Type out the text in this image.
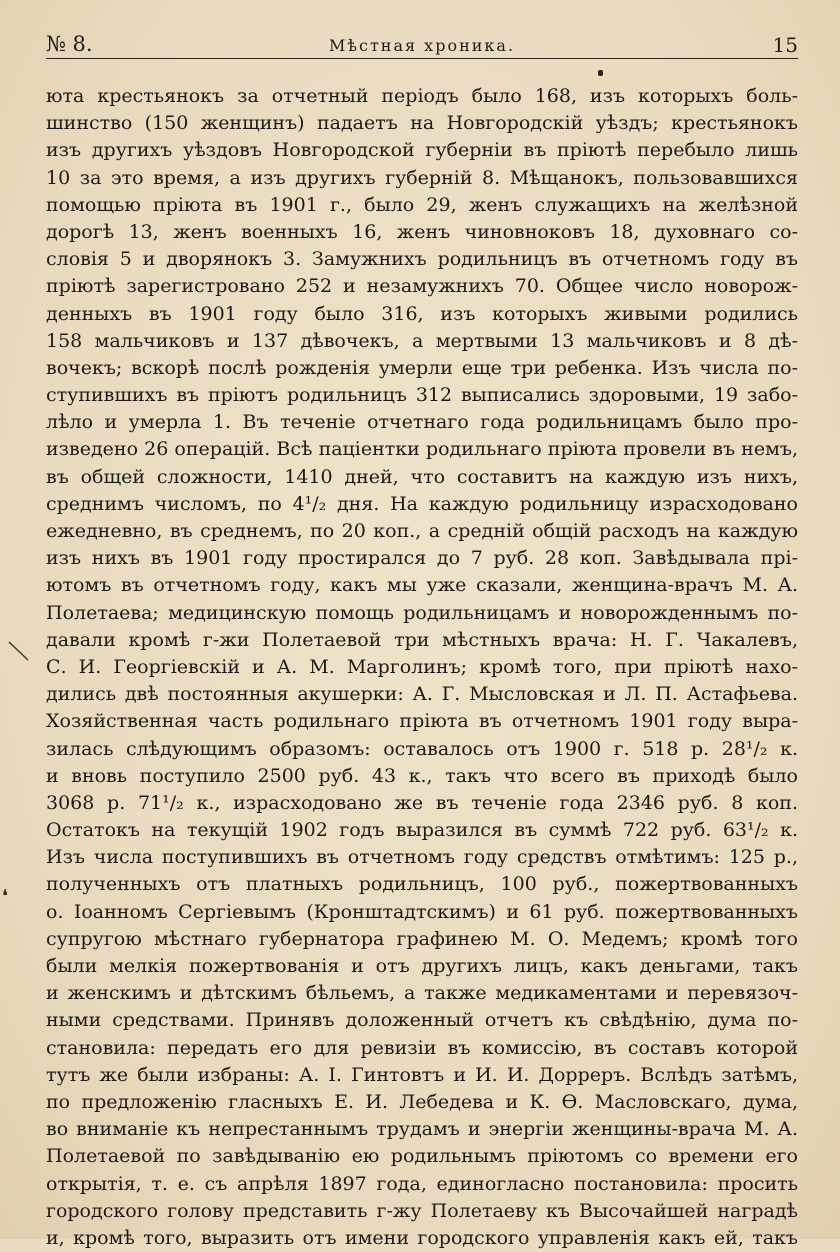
№ 8.	Мѣстная хроника.	15
❛
юта крестьянокъ за отчетный періодъ было 168, изъ которыхъ боль-
шинство (150 женщинъ) падаетъ на Новгородскій уѣздъ; крестьянокъ
изъ другихъ уѣздовъ Новгородской губерніи въ пріютѣ перебыло лишь
10 за это время, а изъ другихъ губерній 8. Мѣщанокъ, пользовавшихся
помощью пріюта въ 1901 г., было 29, женъ служащихъ на желѣзной
дорогѣ 13, женъ военныхъ 16, женъ чиновноковъ 18, духовнаго со-
словія 5 и дворянокъ 3. Замужнихъ родильницъ въ отчетномъ году въ
пріютѣ зарегистровано 252 и незамужнихъ 70. Общее число новорож-
денныхъ въ 1901 году было 316, изъ которыхъ живыми родились
158 мальчиковъ и 137 дѣвочекъ, а мертвыми 13 мальчиковъ и 8 дѣ-
вочекъ; вскорѣ послѣ рожденія умерли еще три ребенка. Изъ числа по-
ступившихъ въ пріютъ родильницъ 312 выписались здоровыми, 19 забо-
лѣло и умерла 1. Въ теченіе отчетнаго года родильницамъ было про-
изведено 26 операцій. Всѣ паціентки родильнаго пріюта провели въ немъ,
въ общей сложности, 1410 дней, что составитъ на каждую изъ нихъ,
среднимъ числомъ, по 4¹/₂ дня. На каждую родильницу израсходовано
ежедневно, въ среднемъ, по 20 коп., а средній общій расходъ на каждую
изъ нихъ въ 1901 году простирался до 7 руб. 28 коп. Завѣдывала прі-
ютомъ въ отчетномъ году, какъ мы уже сказали, женщина-врачъ М. А.
Полетаева; медицинскую помощь родильницамъ и новорожденнымъ по-
давали кромѣ г-жи Полетаевой три мѣстныхъ врача: Н. Г. Чакалевъ,
С. И. Георгіевскій и А. М. Марголинъ; кромѣ того, при пріютѣ нахо-
дились двѣ постоянныя акушерки: А. Г. Мысловская и Л. П. Астафьева.
Хозяйственная часть родильнаго пріюта въ отчетномъ 1901 году выра-
зилась слѣдующимъ образомъ: оставалось отъ 1900 г. 518 р. 28¹/₂ к.
и вновь поступило 2500 руб. 43 к., такъ что всего въ приходѣ было
3068 р. 71¹/₂ к., израсходовано же въ теченіе года 2346 руб. 8 коп.
Остатокъ на текущій 1902 годъ выразился въ суммѣ 722 руб. 63¹/₂ к.
Изъ числа поступившихъ въ отчетномъ году средствъ отмѣтимъ: 125 р.,
полученныхъ отъ платныхъ родильницъ, 100 руб., пожертвованныхъ
о. Іоанномъ Сергіевымъ (Кронштадтскимъ) и 61 руб. пожертвованныхъ
супругою мѣстнаго губернатора графинею М. О. Медемъ; кромѣ того
были мелкія пожертвованія и отъ другихъ лицъ, какъ деньгами, такъ
и женскимъ и дѣтскимъ бѣльемъ, а также медикаментами и перевязоч-
ными средствами. Принявъ доложенный отчетъ къ свѣдѣнію, дума по-
становила: передать его для ревизіи въ комиссію, въ составъ которой
тутъ же были избраны: А. І. Гинтовтъ и И. И. Дорреръ. Вслѣдъ затѣмъ,
по предложенію гласныхъ Е. И. Лебедева и К. Ѳ. Масловскаго, дума,
во вниманіе къ непрестаннымъ трудамъ и энергіи женщины-врача М. А.
Полетаевой по завѣдыванію ею родильнымъ пріютомъ со времени его
открытія, т. е. съ апрѣля 1897 года, единогласно постановила: просить
городского голову представить г-жу Полетаеву къ Высочайшей наградѣ
и, кромѣ того, выразить отъ имени городского управленія какъ ей, такъ
